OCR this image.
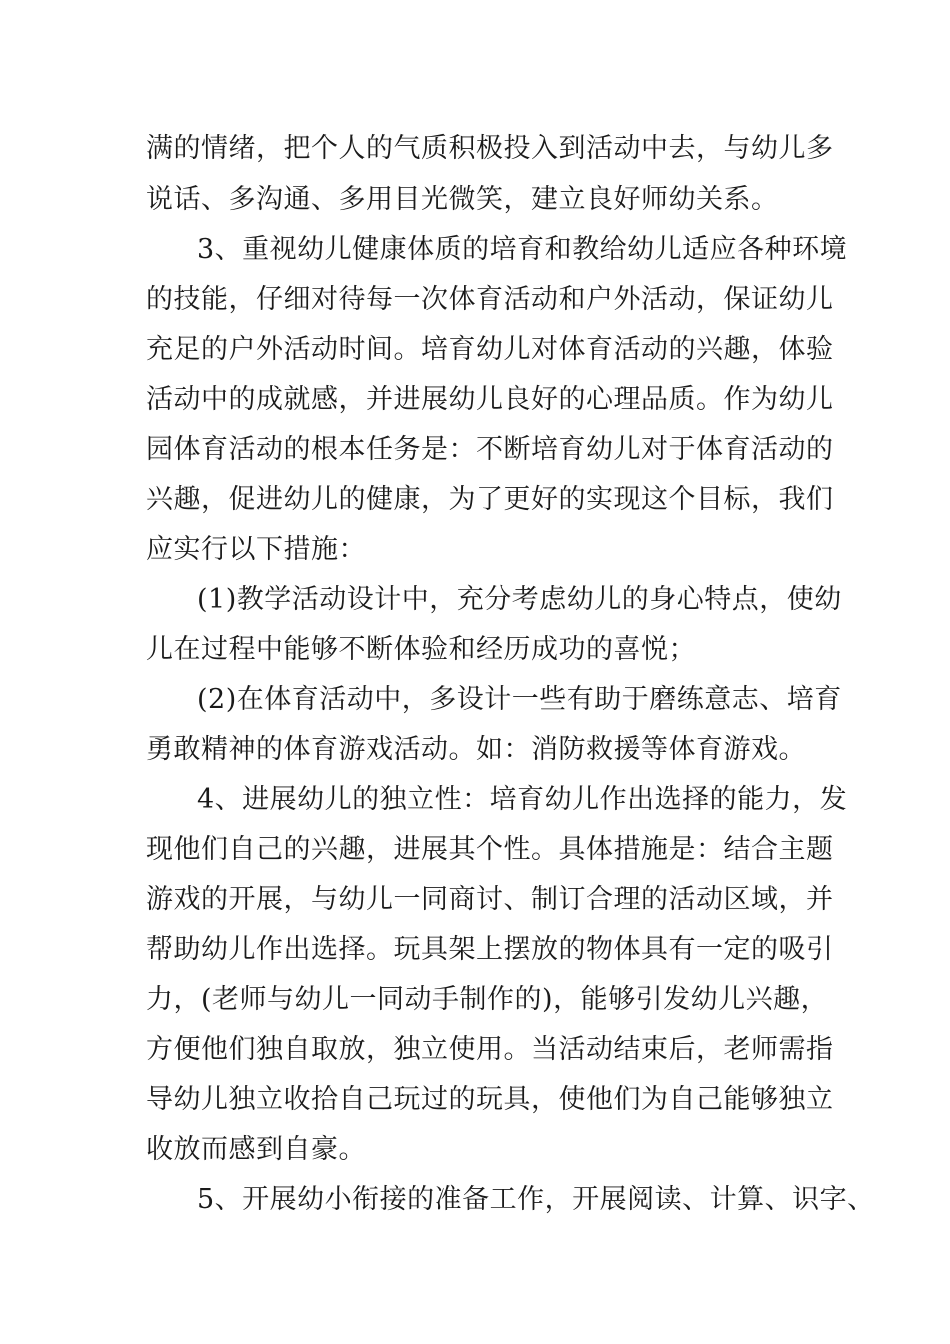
满的情绪，把个人的气质积极投入到活动中去，与幼儿多
说话、多沟通、多用目光微笑，建立良好师幼关系。
3、重视幼儿健康体质的培育和教给幼儿适应各种环境
的技能，仔细对待每一次体育活动和户外活动，保证幼儿
充足的户外活动时间。培育幼儿对体育活动的兴趣，体验
活动中的成就感，并进展幼儿良好的心理品质。作为幼儿
园体育活动的根本任务是：不断培育幼儿对于体育活动的
兴趣，促进幼儿的健康，为了更好的实现这个目标，我们
应实行以下措施：
(1)教学活动设计中，充分考虑幼儿的身心特点，使幼
儿在过程中能够不断体验和经历成功的喜悦；
(2)在体育活动中，多设计一些有助于磨练意志、培育
勇敢精神的体育游戏活动。如：消防救援等体育游戏。
4、进展幼儿的独立性：培育幼儿作出选择的能力，发
现他们自己的兴趣，进展其个性。具体措施是：结合主题
游戏的开展，与幼儿一同商讨、制订合理的活动区域，并
帮助幼儿作出选择。玩具架上摆放的物体具有一定的吸引
力，(老师与幼儿一同动手制作的)，能够引发幼儿兴趣，
方便他们独自取放，独立使用。当活动结束后，老师需指
导幼儿独立收拾自己玩过的玩具，使他们为自己能够独立
收放而感到自豪。
5、开展幼小衔接的准备工作，开展阅读、计算、识字、
